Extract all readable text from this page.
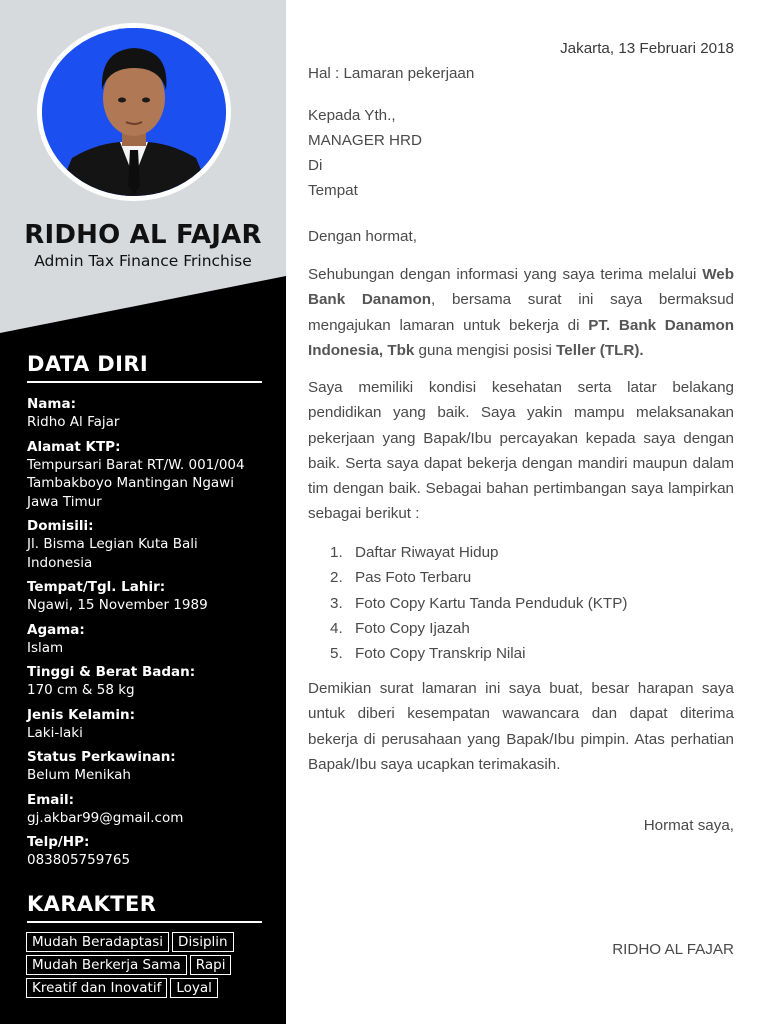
RIDHO AL FAJAR
Admin Tax Finance Frinchise
DATA DIRI
Nama:
Ridho Al Fajar
Alamat KTP:
Tempursari Barat RT/W. 001/004
Tambakboyo Mantingan Ngawi
Jawa Timur
Domisili:
Jl. Bisma Legian Kuta Bali
Indonesia
Tempat/Tgl. Lahir:
Ngawi, 15 November 1989
Agama:
Islam
Tinggi & Berat Badan:
170 cm & 58 kg
Jenis Kelamin:
Laki-laki
Status Perkawinan:
Belum Menikah
Email:
gj.akbar99@gmail.com
Telp/HP:
083805759765
KARAKTER
Mudah Beradaptasi	Disiplin
Mudah Berkerja Sama	Rapi
Kreatif dan Inovatif	Loyal
Jakarta, 13 Februari 2018
Hal : Lamaran pekerjaan
Kepada Yth.,
MANAGER HRD
Di
Tempat
Dengan hormat,
Sehubungan dengan informasi yang saya terima melalui Web Bank Danamon, bersama surat ini saya bermaksud mengajukan lamaran untuk bekerja di PT. Bank Danamon Indonesia, Tbk guna mengisi posisi Teller (TLR).
Saya memiliki kondisi kesehatan serta latar belakang pendidikan yang baik. Saya yakin mampu melaksanakan pekerjaan yang Bapak/Ibu percayakan kepada saya dengan baik. Serta saya dapat bekerja dengan mandiri maupun dalam tim dengan baik. Sebagai bahan pertimbangan saya lampirkan sebagai berikut :
1. Daftar Riwayat Hidup
2. Pas Foto Terbaru
3. Foto Copy Kartu Tanda Penduduk (KTP)
4. Foto Copy Ijazah
5. Foto Copy Transkrip Nilai
Demikian surat lamaran ini saya buat, besar harapan saya untuk diberi kesempatan wawancara dan dapat diterima bekerja di perusahaan yang Bapak/Ibu pimpin. Atas perhatian Bapak/Ibu saya ucapkan terimakasih.
Hormat saya,
RIDHO AL FAJAR
